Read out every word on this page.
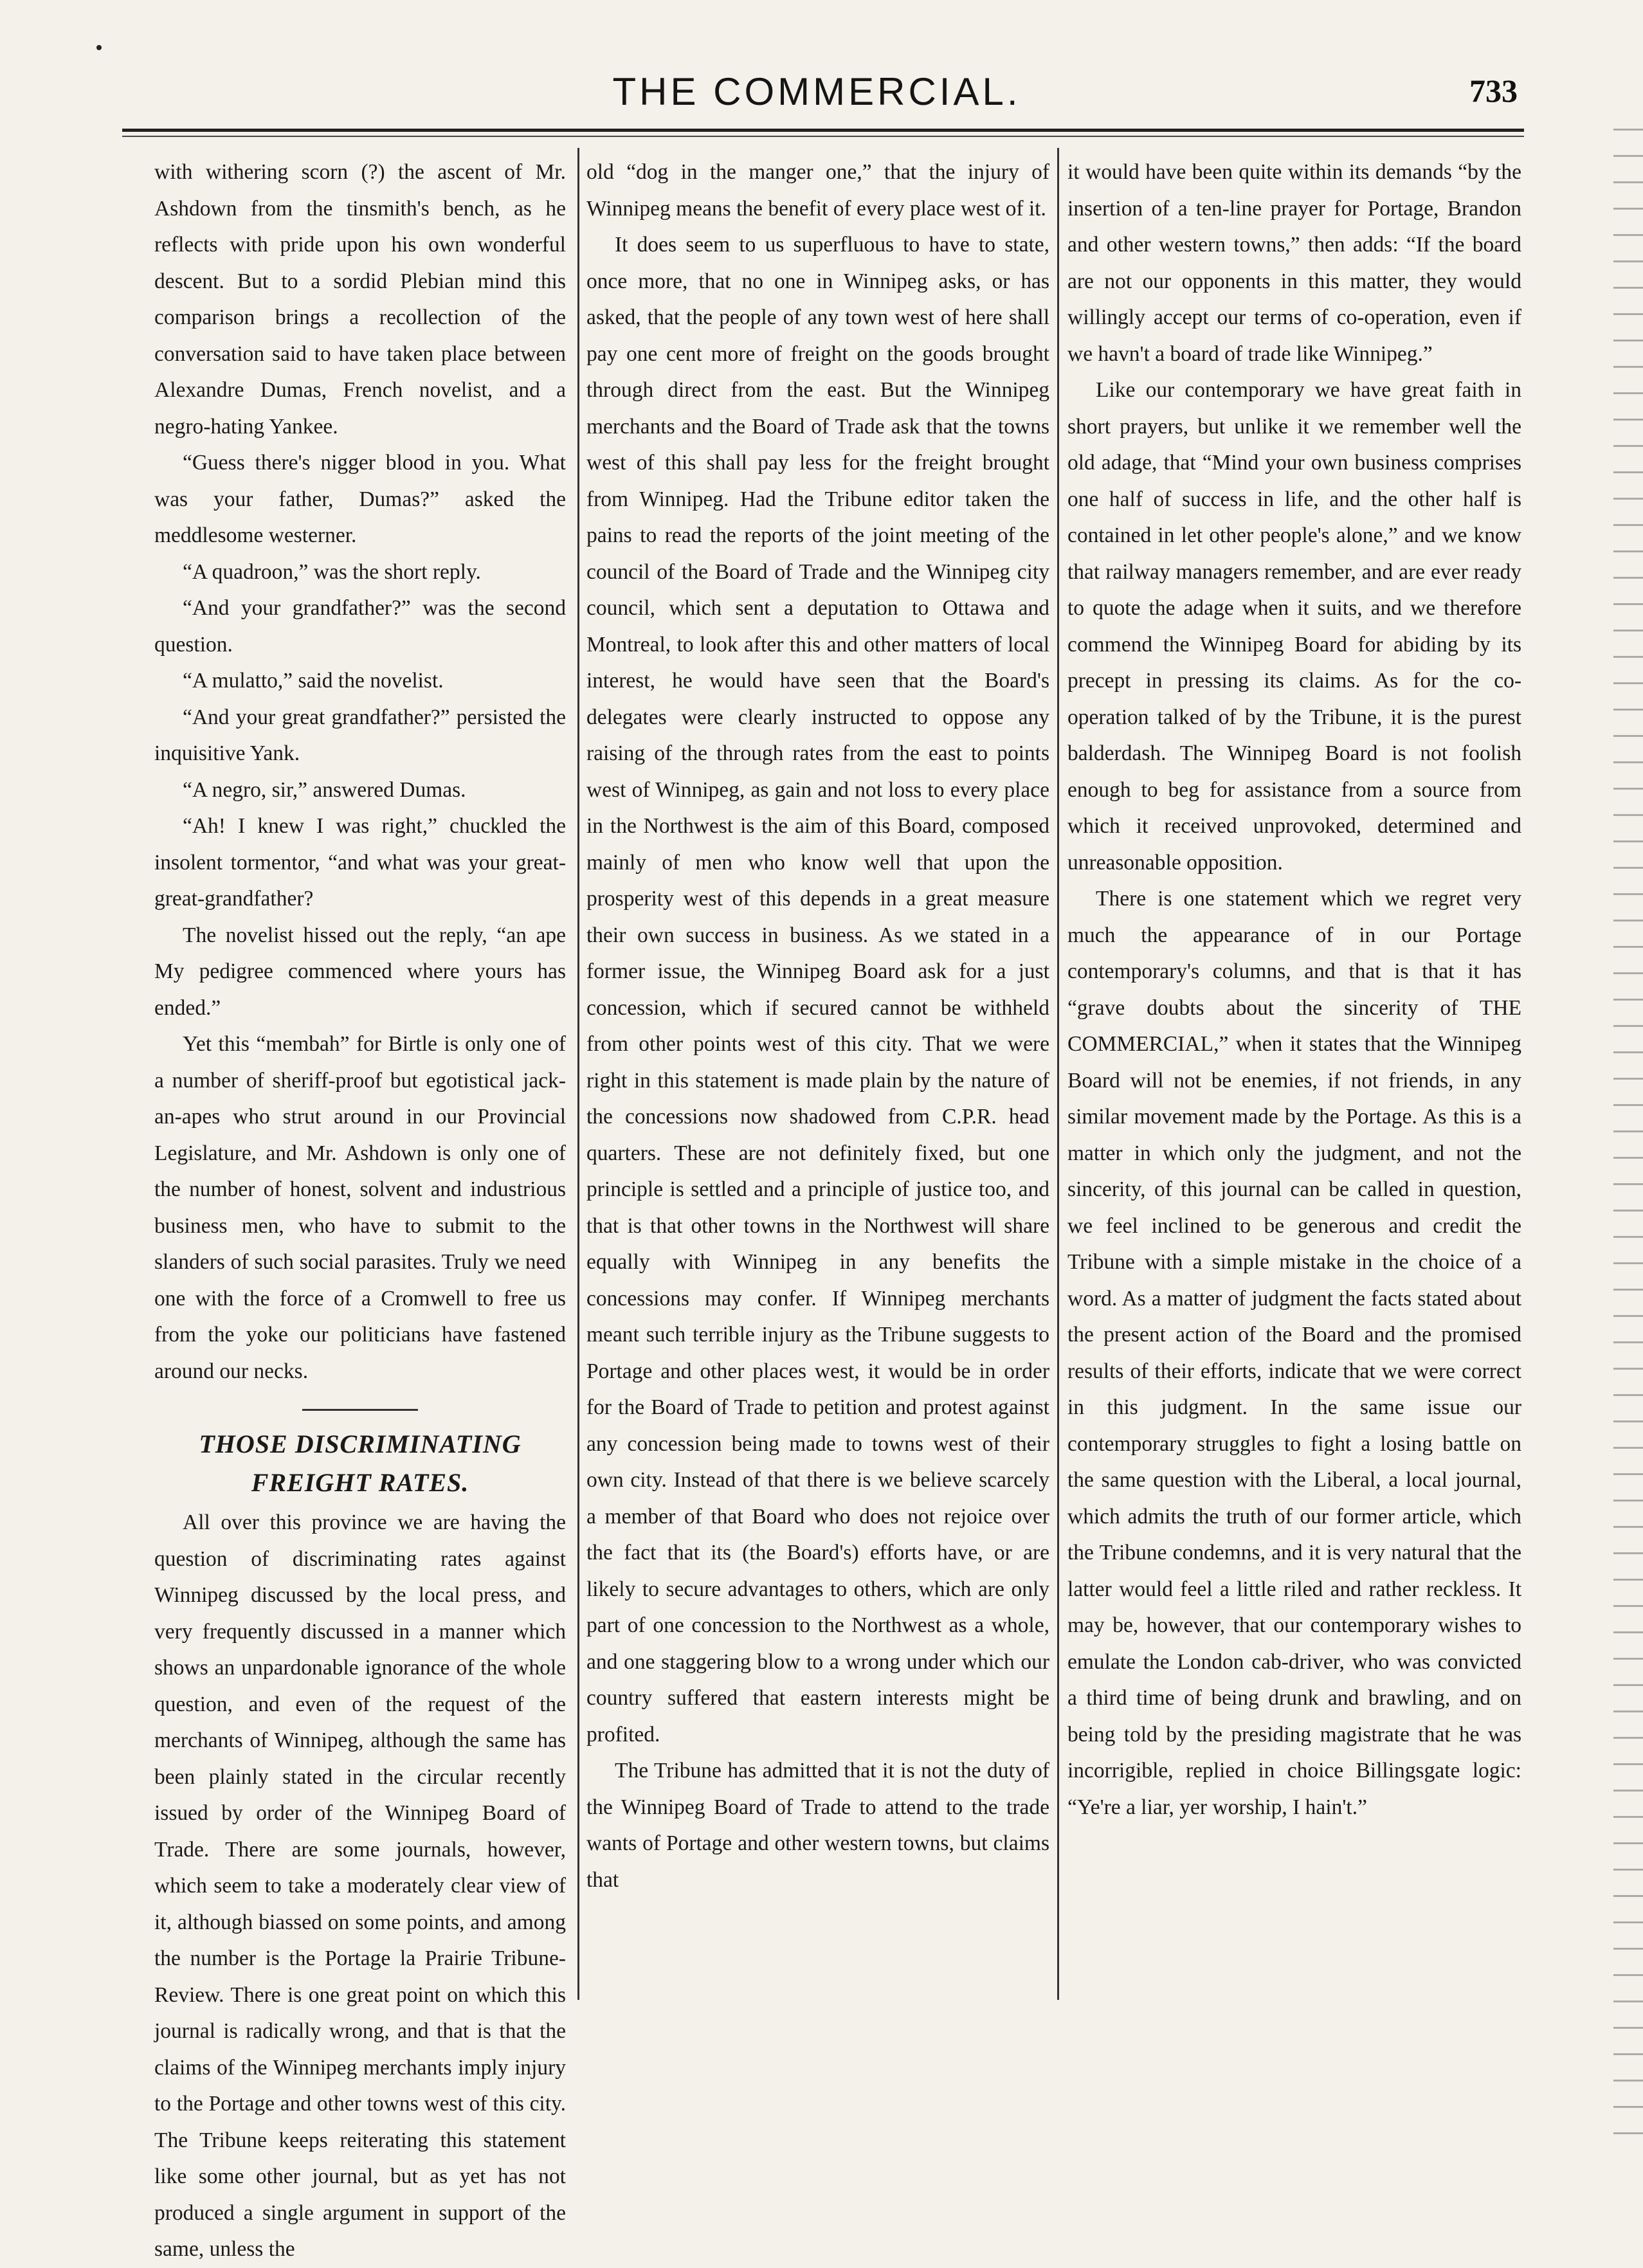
THE COMMERCIAL.	733

with withering scorn (?) the ascent of Mr. Ashdown from the tinsmith's bench, as he reflects with pride upon his own wonderful descent. But to a sordid Plebian mind this comparison brings a recollection of the conversation said to have taken place between Alexandre Dumas, French novelist, and a negro-hating Yankee.

“Guess there's nigger blood in you. What was your father, Dumas?” asked the meddlesome westerner.

“A quadroon,” was the short reply.

“And your grandfather?” was the second question.

“A mulatto,” said the novelist.

“And your great grandfather?” persisted the inquisitive Yank.

“A negro, sir,” answered Dumas.

“Ah! I knew I was right,” chuckled the insolent tormentor, “and what was your great-great-grandfather?

The novelist hissed out the reply, “an ape My pedigree commenced where yours has ended.”

Yet this “membah” for Birtle is only one of a number of sheriff-proof but egotistical jack-an-apes who strut around in our Provincial Legislature, and Mr. Ashdown is only one of the number of honest, solvent and industrious business men, who have to submit to the slanders of such social parasites. Truly we need one with the force of a Cromwell to free us from the yoke our politicians have fastened around our necks.

THOSE DISCRIMINATING FREIGHT RATES.

All over this province we are having the question of discriminating rates against Winnipeg discussed by the local press, and very frequently discussed in a manner which shows an unpardonable ignorance of the whole question, and even of the request of the merchants of Winnipeg, although the same has been plainly stated in the circular recently issued by order of the Winnipeg Board of Trade. There are some journals, however, which seem to take a moderately clear view of it, although biassed on some points, and among the number is the Portage la Prairie Tribune-Review. There is one great point on which this journal is radically wrong, and that is that the claims of the Winnipeg merchants imply injury to the Portage and other towns west of this city. The Tribune keeps reiterating this statement like some other journal, but as yet has not produced a single argument in support of the same, unless the

old “dog in the manger one,” that the injury of Winnipeg means the benefit of every place west of it.

It does seem to us superfluous to have to state, once more, that no one in Winnipeg asks, or has asked, that the people of any town west of here shall pay one cent more of freight on the goods brought through direct from the east. But the Winnipeg merchants and the Board of Trade ask that the towns west of this shall pay less for the freight brought from Winnipeg. Had the Tribune editor taken the pains to read the reports of the joint meeting of the council of the Board of Trade and the Winnipeg city council, which sent a deputation to Ottawa and Montreal, to look after this and other matters of local interest, he would have seen that the Board's delegates were clearly instructed to oppose any raising of the through rates from the east to points west of Winnipeg, as gain and not loss to every place in the Northwest is the aim of this Board, composed mainly of men who know well that upon the prosperity west of this depends in a great measure their own success in business. As we stated in a former issue, the Winnipeg Board ask for a just concession, which if secured cannot be withheld from other points west of this city. That we were right in this statement is made plain by the nature of the concessions now shadowed from C.P.R. head quarters. These are not definitely fixed, but one principle is settled and a principle of justice too, and that is that other towns in the Northwest will share equally with Winnipeg in any benefits the concessions may confer. If Winnipeg merchants meant such terrible injury as the Tribune suggests to Portage and other places west, it would be in order for the Board of Trade to petition and protest against any concession being made to towns west of their own city. Instead of that there is we believe scarcely a member of that Board who does not rejoice over the fact that its (the Board's) efforts have, or are likely to secure advantages to others, which are only part of one concession to the Northwest as a whole, and one staggering blow to a wrong under which our country suffered that eastern interests might be profited.

The Tribune has admitted that it is not the duty of the Winnipeg Board of Trade to attend to the trade wants of Portage and other western towns, but claims that

it would have been quite within its demands “by the insertion of a ten-line prayer for Portage, Brandon and other western towns,” then adds: “If the board are not our opponents in this matter, they would willingly accept our terms of co-operation, even if we havn't a board of trade like Winnipeg.”

Like our contemporary we have great faith in short prayers, but unlike it we remember well the old adage, that “Mind your own business comprises one half of success in life, and the other half is contained in let other people's alone,” and we know that railway managers remember, and are ever ready to quote the adage when it suits, and we therefore commend the Winnipeg Board for abiding by its precept in pressing its claims. As for the co-operation talked of by the Tribune, it is the purest balderdash. The Winnipeg Board is not foolish enough to beg for assistance from a source from which it received unprovoked, determined and unreasonable opposition.

There is one statement which we regret very much the appearance of in our Portage contemporary's columns, and that is that it has “grave doubts about the sincerity of THE COMMERCIAL,” when it states that the Winnipeg Board will not be enemies, if not friends, in any similar movement made by the Portage. As this is a matter in which only the judgment, and not the sincerity, of this journal can be called in question, we feel inclined to be generous and credit the Tribune with a simple mistake in the choice of a word. As a matter of judgment the facts stated about the present action of the Board and the promised results of their efforts, indicate that we were correct in this judgment. In the same issue our contemporary struggles to fight a losing battle on the same question with the Liberal, a local journal, which admits the truth of our former article, which the Tribune condemns, and it is very natural that the latter would feel a little riled and rather reckless. It may be, however, that our contemporary wishes to emulate the London cab-driver, who was convicted a third time of being drunk and brawling, and on being told by the presiding magistrate that he was incorrigible, replied in choice Billingsgate logic: “Ye're a liar, yer worship, I hain't.”
